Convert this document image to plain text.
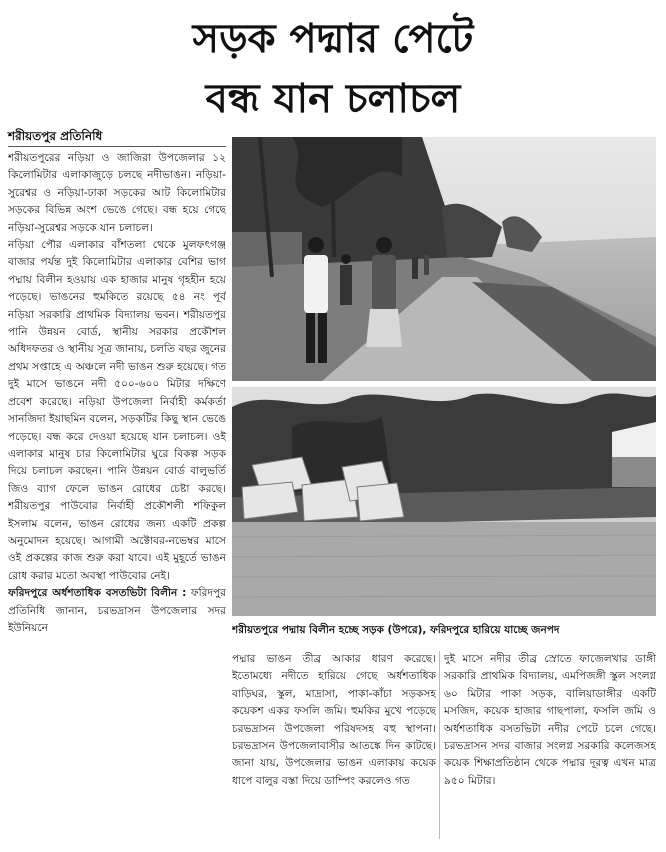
সড়ক পদ্মার পেটে
বন্ধ যান চলাচল
শরীয়তপুর প্রতিনিধি

শরীয়তপুরের নড়িয়া ও জাজিরা উপজেলার ১২ কিলোমিটার এলাকাজুড়ে চলছে নদীভাঙন। নড়িয়া-সুরেশ্বর ও নড়িয়া-ঢাকা সড়কের আট কিলোমিটার সড়কের বিভিন্ন অংশ ভেঙে গেছে। বন্ধ হয়ে গেছে নড়িয়া-সুরেশ্বর সড়কে যান চলাচল।

নড়িয়া পৌর এলাকার বাঁশতলা থেকে মুলফৎগঞ্জ বাজার পর্যন্ত দুই কিলোমিটার এলাকার বেশির ভাগ পদ্মায় বিলীন হওয়ায় এক হাজার মানুষ গৃহহীন হয়ে পড়েছে। ভাঙনের হুমকিতে রয়েছে ৫৪ নং পূর্ব নড়িয়া সরকারি প্রাথমিক বিদ্যালয় ভবন। শরীয়তপুর পানি উন্নয়ন বোর্ড, স্থানীয় সরকার প্রকৌশল অধিদফতর ও স্থানীয় সূত্র জানায়, চলতি বছর জুনের প্রথম সপ্তাহে এ অঞ্চলে নদী ভাঙন শুরু হয়েছে। গত দুই মাসে ভাঙনে নদী ৫০০-৬০০ মিটার দক্ষিণে প্রবেশ করেছে। নড়িয়া উপজেলা নির্বাহী কর্মকর্তা সানজিদা ইয়াছমিন বলেন, সড়কটির কিছু স্থান ভেঙে পড়েছে। বন্ধ করে দেওয়া হয়েছে যান চলাচল। ওই এলাকার মানুষ চার কিলোমিটার ঘুরে বিকল্প সড়ক দিয়ে চলাচল করছেন। পানি উন্নয়ন বোর্ড বালুভর্তি জিও ব্যাগ ফেলে ভাঙন রোধের চেষ্টা করছে। শরীয়তপুর পাউবোর নির্বাহী প্রকৌশলী শফিকুল ইসলাম বলেন, ভাঙন রোধের জন্য একটি প্রকল্প অনুমোদন হয়েছে। আগামী অক্টোবর-নভেম্বর মাসে ওই প্রকল্পের কাজ শুরু করা যাবে। এই মুহূর্তে ভাঙন রোধ করার মতো অবস্থা পাউবোর নেই।

ফরিদপুরে অর্ধশতাধিক বসতভিটা বিলীন : ফরিদপুর প্রতিনিধি জানান, চরভদ্রাসন উপজেলার সদর ইউনিয়নে	শরীয়তপুরে পদ্মায় বিলীন হচ্ছে সড়ক (উপরে), ফরিদপুরে হারিয়ে যাচ্ছে জনপদ

পদ্মার ভাঙন তীব্র আকার ধারণ করেছে। ইতোমধ্যে নদীতে হারিয়ে গেছে অর্ধশতাধিক বাড়িঘর, স্কুল, মাদ্রাসা, পাকা-কাঁচা সড়কসহ কয়েকশ একর ফসলি জমি। হুমকির মুখে পড়েছে চরভদ্রাসন উপজেলা পরিষদসহ বহু স্থাপনা। চরভদ্রাসন উপজেলাবাসীর আতঙ্কে দিন কাটছে। জানা যায়, উপজেলার ভাঙন এলাকায় কয়েক ধাপে বালুর বস্তা দিয়ে ডাম্পিং করলেও গত

দুই মাসে নদীর তীব্র স্রোতে ফাজেলখার ডাঙ্গী সরকারি প্রাথমিক বিদ্যালয়, এমপিজঙ্গী স্কুল সংলগ্ন ৬০ মিটার পাকা সড়ক, বালিয়াডাঙ্গীর একটি মসজিদ, কয়েক হাজার গাছপালা, ফসলি জমি ও অর্ধশতাধিক বসতভিটা নদীর পেটে চলে গেছে। চরভদ্রাসন সদর বাজার সংলগ্ন সরকারি কলেজসহ কয়েক শিক্ষাপ্রতিষ্ঠান থেকে পদ্মার দূরত্ব এখন মাত্র ৯৫০ মিটার।
